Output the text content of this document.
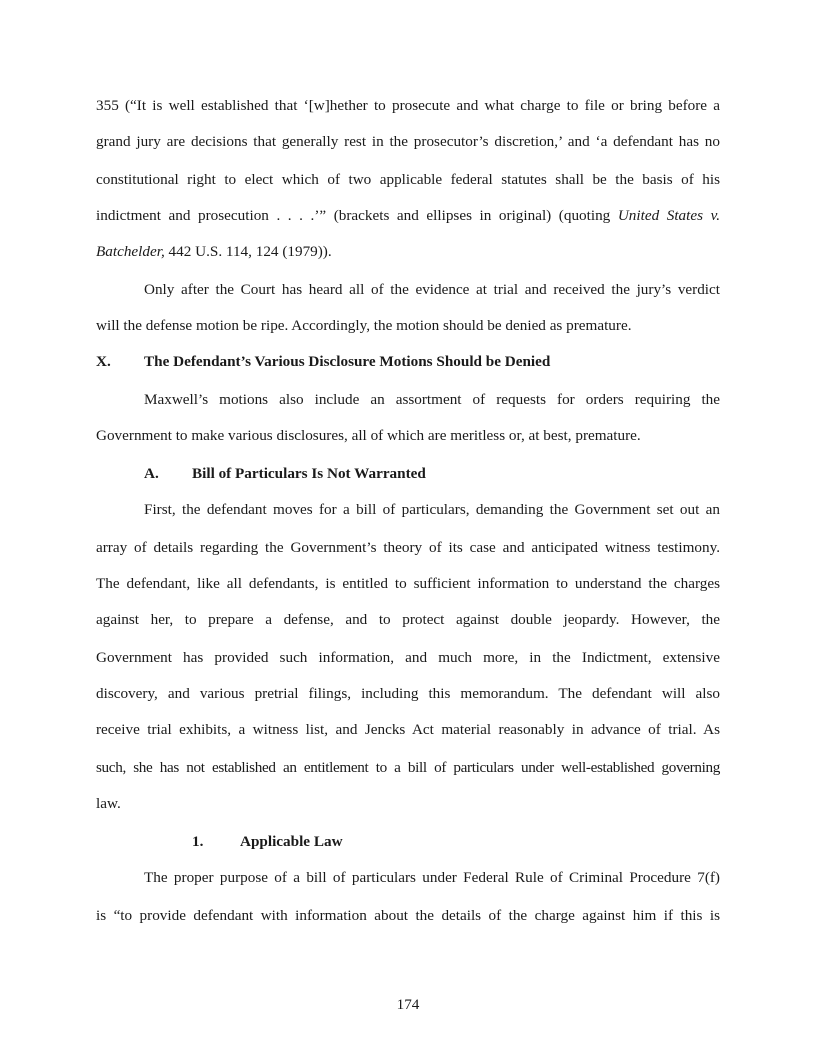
355 (“It is well established that ‘[w]hether to prosecute and what charge to file or bring before a
grand jury are decisions that generally rest in the prosecutor’s discretion,’ and ‘a defendant has no
constitutional right to elect which of two applicable federal statutes shall be the basis of his
indictment and prosecution . . . .’” (brackets and ellipses in original) (quoting United States v.
Batchelder, 442 U.S. 114, 124 (1979)).
Only after the Court has heard all of the evidence at trial and received the jury’s verdict
will the defense motion be ripe. Accordingly, the motion should be denied as premature.
X. The Defendant’s Various Disclosure Motions Should be Denied
Maxwell’s motions also include an assortment of requests for orders requiring the
Government to make various disclosures, all of which are meritless or, at best, premature.
A. Bill of Particulars Is Not Warranted
First, the defendant moves for a bill of particulars, demanding the Government set out an
array of details regarding the Government’s theory of its case and anticipated witness testimony.
The defendant, like all defendants, is entitled to sufficient information to understand the charges
against her, to prepare a defense, and to protect against double jeopardy. However, the
Government has provided such information, and much more, in the Indictment, extensive
discovery, and various pretrial filings, including this memorandum. The defendant will also
receive trial exhibits, a witness list, and Jencks Act material reasonably in advance of trial. As
such, she has not established an entitlement to a bill of particulars under well-established governing
law.
1. Applicable Law
The proper purpose of a bill of particulars under Federal Rule of Criminal Procedure 7(f)
is “to provide defendant with information about the details of the charge against him if this is
174
